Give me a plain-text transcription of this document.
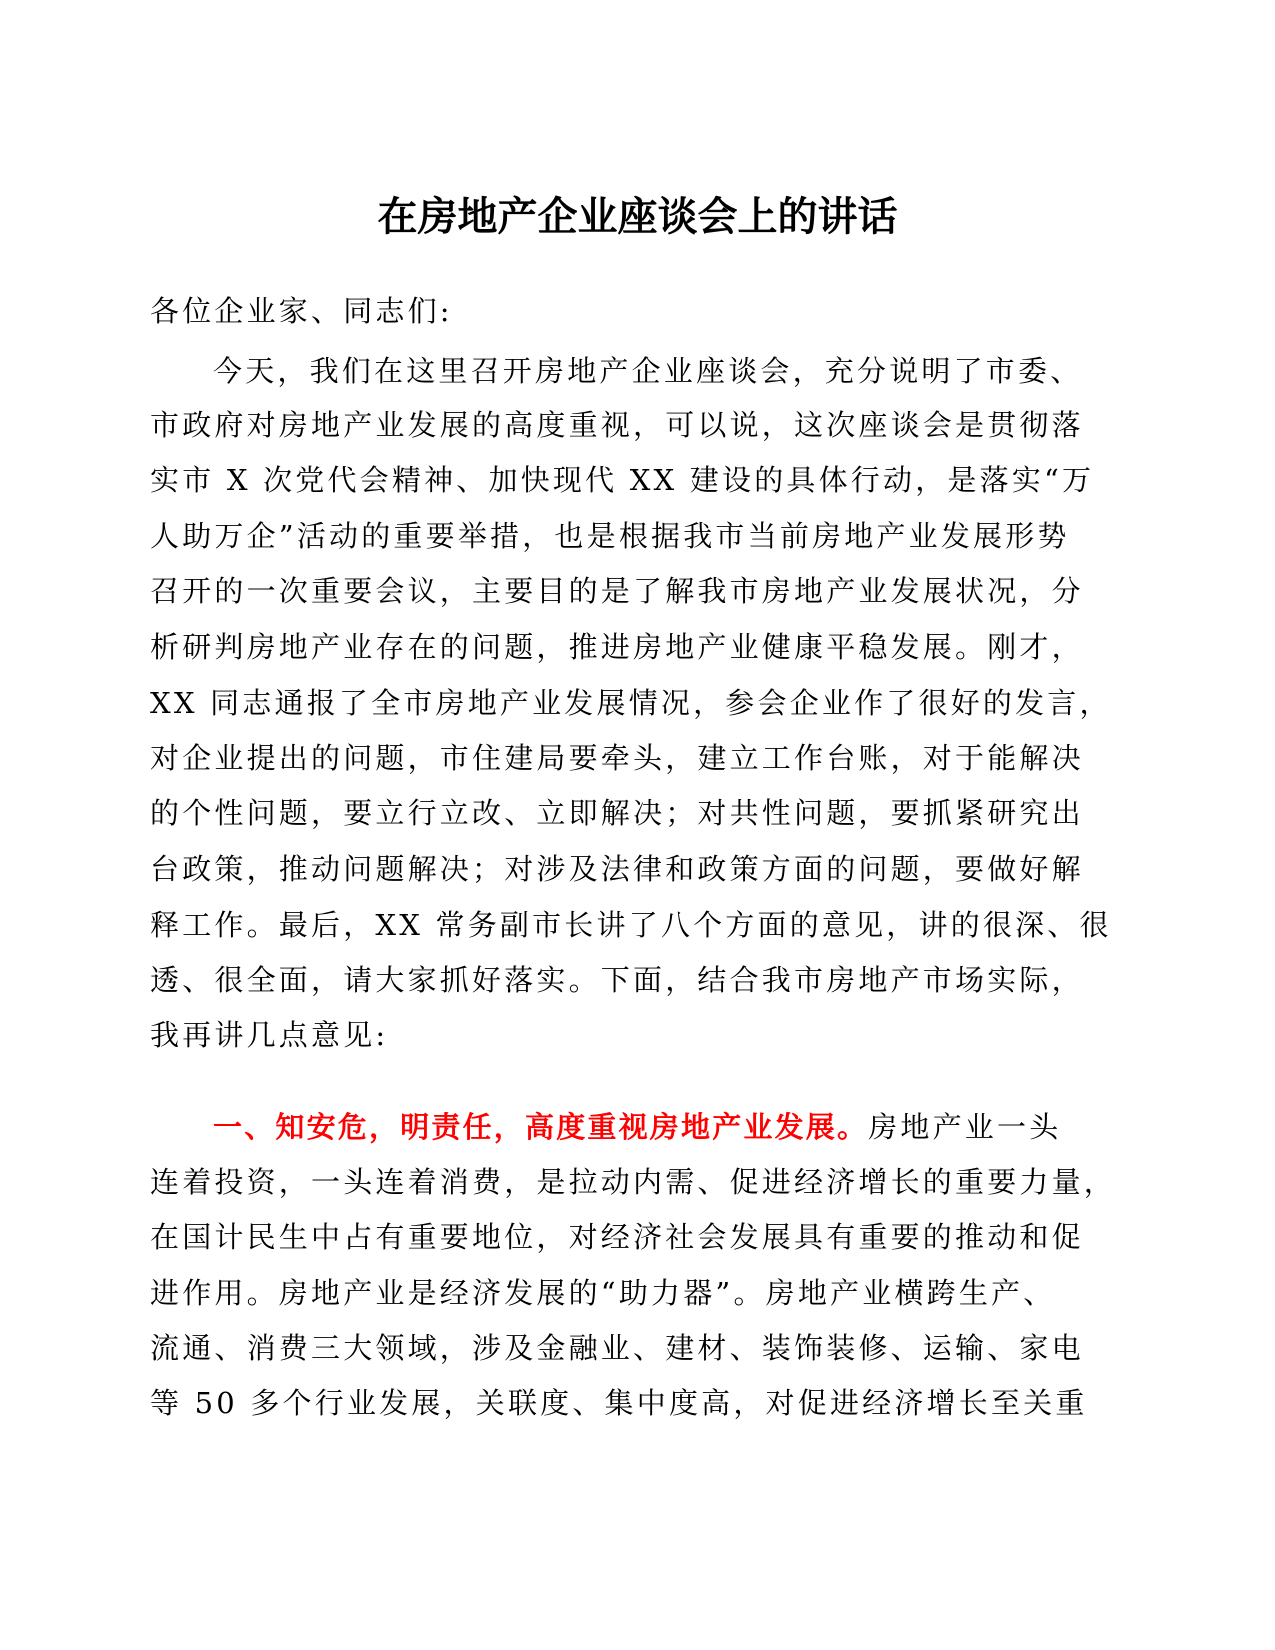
在房地产企业座谈会上的讲话
各位企业家、同志们:
今天，我们在这里召开房地产企业座谈会，充分说明了市委、
市政府对房地产业发展的高度重视，可以说，这次座谈会是贯彻落
实市 X 次党代会精神、加快现代 XX 建设的具体行动，是落实“万
人助万企”活动的重要举措，也是根据我市当前房地产业发展形势
召开的一次重要会议，主要目的是了解我市房地产业发展状况，分
析研判房地产业存在的问题，推进房地产业健康平稳发展。刚才，
XX 同志通报了全市房地产业发展情况，参会企业作了很好的发言，
对企业提出的问题，市住建局要牵头，建立工作台账，对于能解决
的个性问题，要立行立改、立即解决；对共性问题，要抓紧研究出
台政策，推动问题解决；对涉及法律和政策方面的问题，要做好解
释工作。最后，XX 常务副市长讲了八个方面的意见，讲的很深、很
透、很全面，请大家抓好落实。下面，结合我市房地产市场实际，
我再讲几点意见:
一、知安危，明责任，高度重视房地产业发展。房地产业一头
连着投资，一头连着消费，是拉动内需、促进经济增长的重要力量，
在国计民生中占有重要地位，对经济社会发展具有重要的推动和促
进作用。房地产业是经济发展的“助力器”。房地产业横跨生产、
流通、消费三大领域，涉及金融业、建材、装饰装修、运输、家电
等 50 多个行业发展，关联度、集中度高，对促进经济增长至关重
